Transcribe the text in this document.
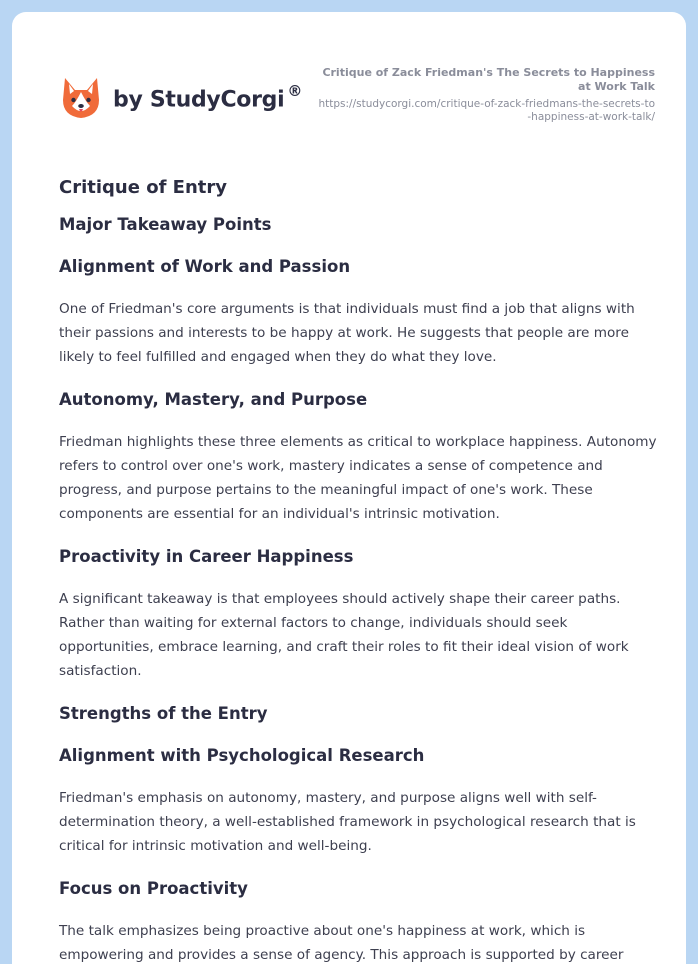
by StudyCorgi ®
Critique of Zack Friedman's The Secrets to Happiness at Work Talk
https://studycorgi.com/critique-of-zack-friedmans-the-secrets-to-happiness-at-work-talk/
Critique of Entry
Major Takeaway Points
Alignment of Work and Passion

One of Friedman's core arguments is that individuals must find a job that aligns with their passions and interests to be happy at work. He suggests that people are more likely to feel fulfilled and engaged when they do what they love.

Autonomy, Mastery, and Purpose

Friedman highlights these three elements as critical to workplace happiness. Autonomy refers to control over one's work, mastery indicates a sense of competence and progress, and purpose pertains to the meaningful impact of one's work. These components are essential for an individual's intrinsic motivation.

Proactivity in Career Happiness

A significant takeaway is that employees should actively shape their career paths. Rather than waiting for external factors to change, individuals should seek opportunities, embrace learning, and craft their roles to fit their ideal vision of work satisfaction.

Strengths of the Entry
Alignment with Psychological Research

Friedman's emphasis on autonomy, mastery, and purpose aligns well with self-determination theory, a well-established framework in psychological research that is critical for intrinsic motivation and well-being.

Focus on Proactivity

The talk emphasizes being proactive about one's happiness at work, which is empowering and provides a sense of agency. This approach is supported by career
